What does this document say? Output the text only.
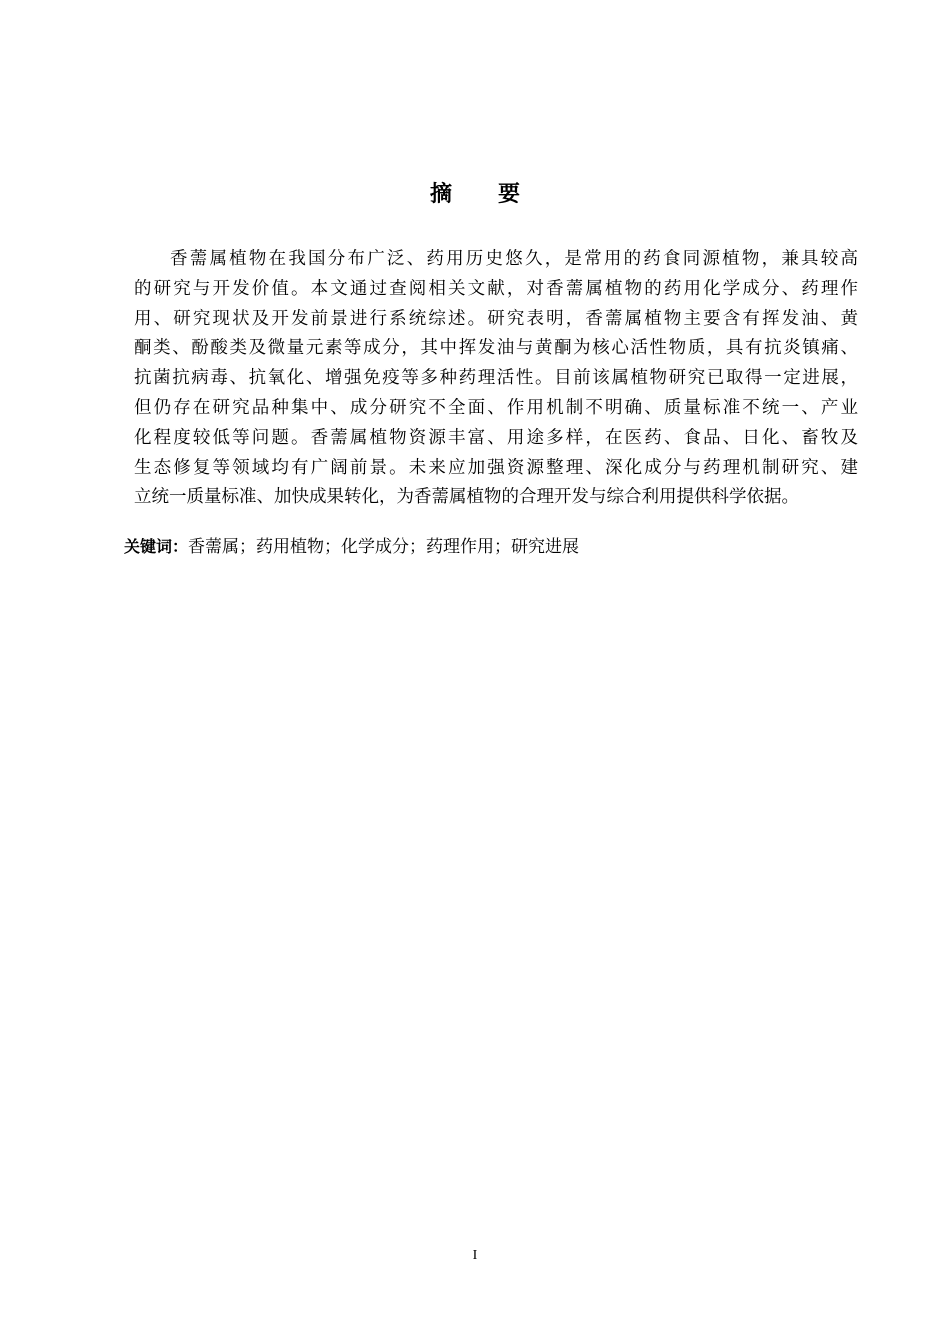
摘要
香薷属植物在我国分布广泛、药用历史悠久，是常用的药食同源植物，兼具较高
的研究与开发价值。本文通过查阅相关文献，对香薷属植物的药用化学成分、药理作
用、研究现状及开发前景进行系统综述。研究表明，香薷属植物主要含有挥发油、黄
酮类、酚酸类及微量元素等成分，其中挥发油与黄酮为核心活性物质，具有抗炎镇痛、
抗菌抗病毒、抗氧化、增强免疫等多种药理活性。目前该属植物研究已取得一定进展，
但仍存在研究品种集中、成分研究不全面、作用机制不明确、质量标准不统一、产业
化程度较低等问题。香薷属植物资源丰富、用途多样，在医药、食品、日化、畜牧及
生态修复等领域均有广阔前景。未来应加强资源整理、深化成分与药理机制研究、建
立统一质量标准、加快成果转化，为香薷属植物的合理开发与综合利用提供科学依据。
关键词：香薷属；药用植物；化学成分；药理作用；研究进展
I
